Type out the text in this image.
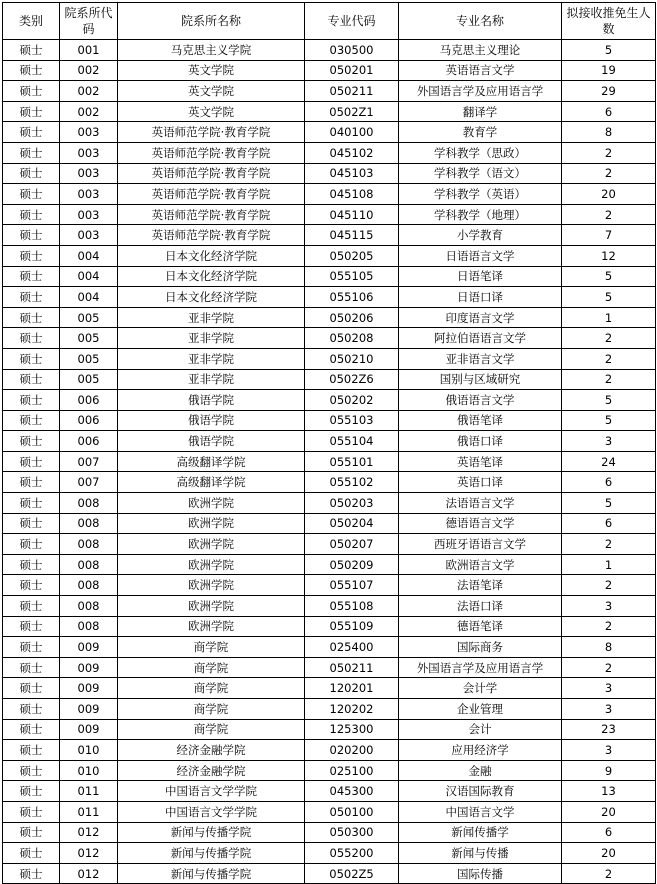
类别	院系所代码	院系所名称	专业代码	专业名称	拟接收推免生人数
硕士	001	马克思主义学院	030500	马克思主义理论	5
硕士	002	英文学院	050201	英语语言文学	19
硕士	002	英文学院	050211	外国语言学及应用语言学	29
硕士	002	英文学院	0502Z1	翻译学	6
硕士	003	英语师范学院·教育学院	040100	教育学	8
硕士	003	英语师范学院·教育学院	045102	学科教学（思政）	2
硕士	003	英语师范学院·教育学院	045103	学科教学（语文）	2
硕士	003	英语师范学院·教育学院	045108	学科教学（英语）	20
硕士	003	英语师范学院·教育学院	045110	学科教学（地理）	2
硕士	003	英语师范学院·教育学院	045115	小学教育	7
硕士	004	日本文化经济学院	050205	日语语言文学	12
硕士	004	日本文化经济学院	055105	日语笔译	5
硕士	004	日本文化经济学院	055106	日语口译	5
硕士	005	亚非学院	050206	印度语言文学	1
硕士	005	亚非学院	050208	阿拉伯语语言文学	2
硕士	005	亚非学院	050210	亚非语言文学	2
硕士	005	亚非学院	0502Z6	国别与区域研究	2
硕士	006	俄语学院	050202	俄语语言文学	5
硕士	006	俄语学院	055103	俄语笔译	5
硕士	006	俄语学院	055104	俄语口译	3
硕士	007	高级翻译学院	055101	英语笔译	24
硕士	007	高级翻译学院	055102	英语口译	6
硕士	008	欧洲学院	050203	法语语言文学	5
硕士	008	欧洲学院	050204	德语语言文学	6
硕士	008	欧洲学院	050207	西班牙语语言文学	2
硕士	008	欧洲学院	050209	欧洲语言文学	1
硕士	008	欧洲学院	055107	法语笔译	2
硕士	008	欧洲学院	055108	法语口译	3
硕士	008	欧洲学院	055109	德语笔译	2
硕士	009	商学院	025400	国际商务	8
硕士	009	商学院	050211	外国语言学及应用语言学	2
硕士	009	商学院	120201	会计学	3
硕士	009	商学院	120202	企业管理	3
硕士	009	商学院	125300	会计	23
硕士	010	经济金融学院	020200	应用经济学	3
硕士	010	经济金融学院	025100	金融	9
硕士	011	中国语言文学学院	045300	汉语国际教育	13
硕士	011	中国语言文学学院	050100	中国语言文学	20
硕士	012	新闻与传播学院	050300	新闻传播学	6
硕士	012	新闻与传播学院	055200	新闻与传播	20
硕士	012	新闻与传播学院	0502Z5	国际传播	2
